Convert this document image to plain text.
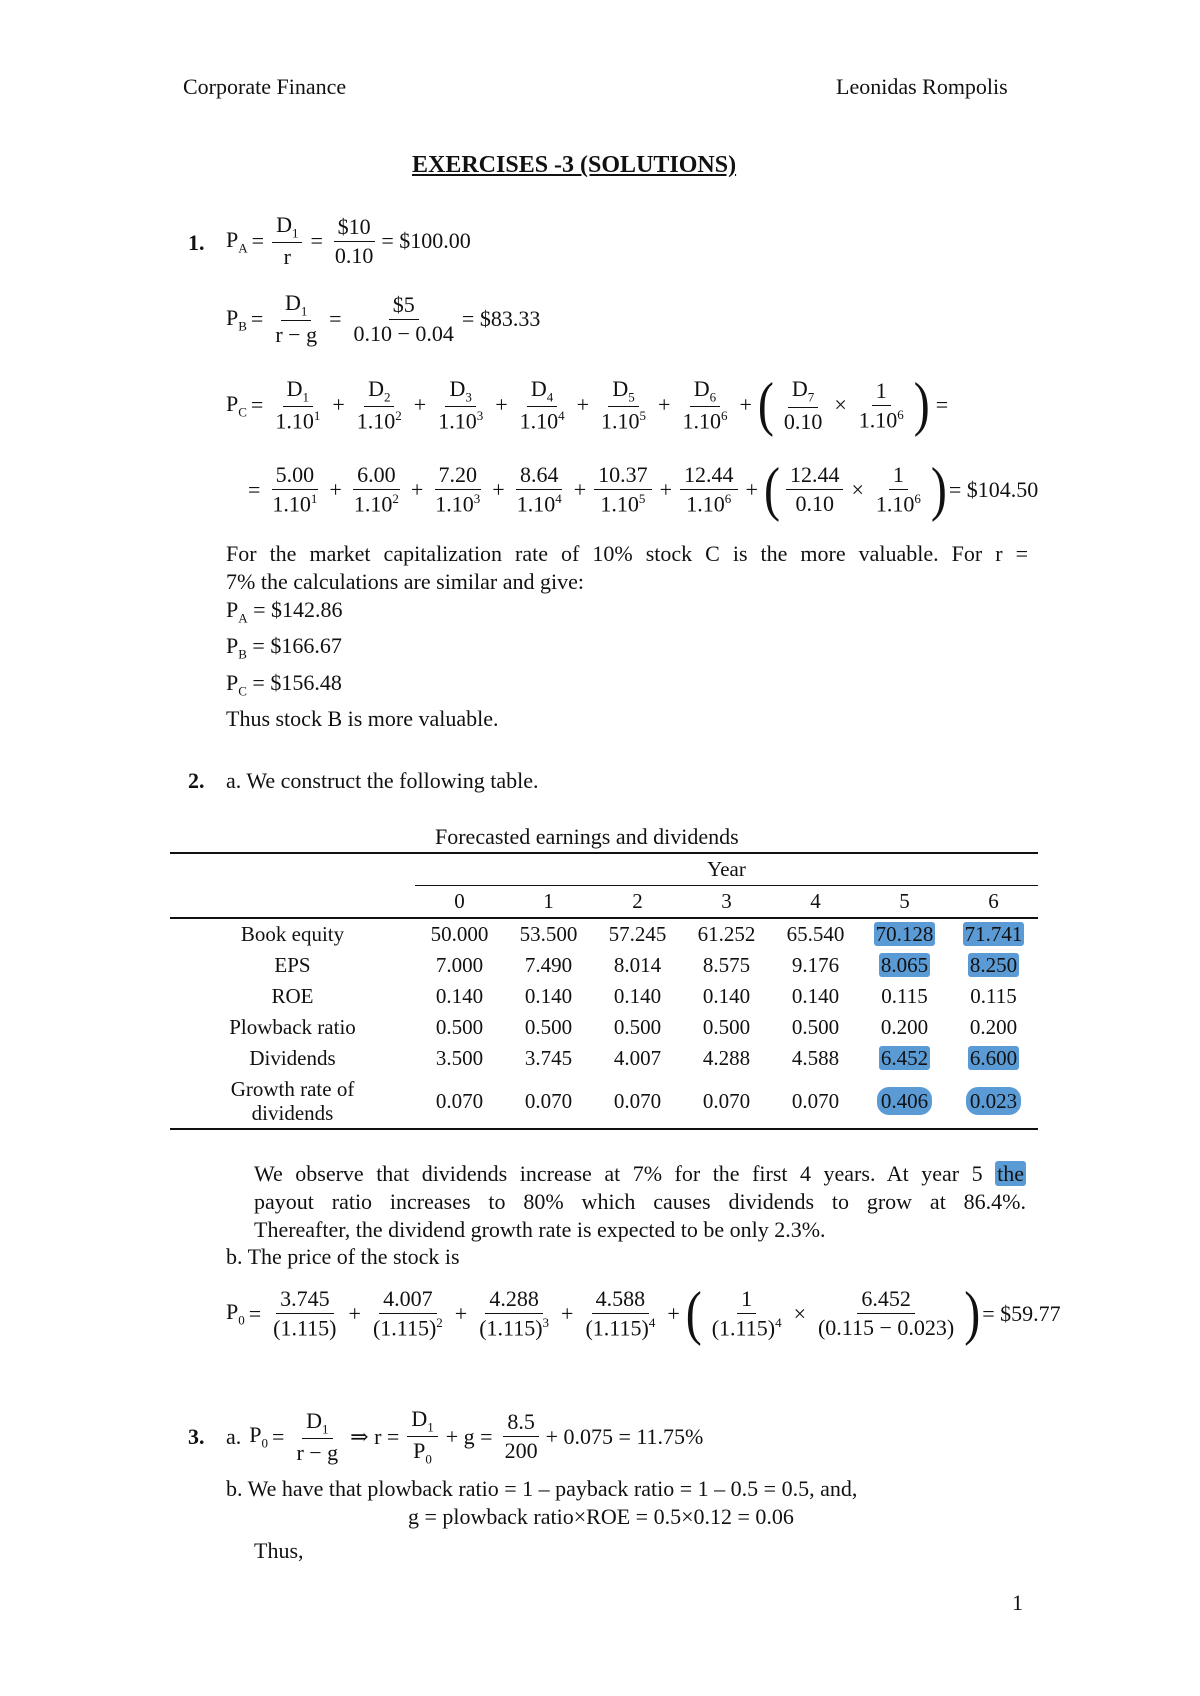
Corporate Finance	Leonidas Rompolis
EXERCISES -3 (SOLUTIONS)
1. $P_A = \frac{D_1}{r} = \frac{\$10}{0.10}$ = $100.00
$P_B = \frac{D_1}{r - g} = \frac{\$5}{0.10 - 0.04}$ = $83.33
$P_C = \frac{D_1}{1.10^1} + \frac{D_2}{1.10^2} + \frac{D_3}{1.10^3} + \frac{D_4}{1.10^4} + \frac{D_5}{1.10^5} + \frac{D_6}{1.10^6}$ + ( $\frac{D_7}{0.10} \times \frac{1}{1.10^6}$ ) =
= $\frac{5.00}{1.10^1} + \frac{6.00}{1.10^2} + \frac{7.20}{1.10^3} + \frac{8.64}{1.10^4} + \frac{10.37}{1.10^5} + \frac{12.44}{1.10^6}$ + ( $\frac{12.44}{0.10} \times \frac{1}{1.10^6}$ ) = $104.50
For the market capitalization rate of 10% stock C is the more valuable. For r =
7% the calculations are similar and give:
$P_A$ = $142.86
$P_B$ = $166.67
$P_C$ = $156.48
Thus stock B is more valuable.
2. a. We construct the following table.
Forecasted earnings and dividends

	Year						
	0	1	2	3	4	5	6
Book equity	50.000	53.500	57.245	61.252	65.540	70.128	71.741
EPS	7.000	7.490	8.014	8.575	9.176	8.065	8.250
ROE	0.140	0.140	0.140	0.140	0.140	0.115	0.115
Plowback ratio	0.500	0.500	0.500	0.500	0.500	0.200	0.200
Dividends	3.500	3.745	4.007	4.288	4.588	6.452	6.600

Growth rate of
dividends	0.070	0.070	0.070	0.070	0.070	0.406	0.023
We observe that dividends increase at 7% for the first 4 years. At year 5 the
payout ratio increases to 80% which causes dividends to grow at 86.4%.
Thereafter, the dividend growth rate is expected to be only 2.3%.
b. The price of the stock is
$P_0 = \frac{3.745}{(1.115)} + \frac{4.007}{(1.115)^2} + \frac{4.288}{(1.115)^3} + \frac{4.588}{(1.115)^4}$ + ( $\frac{1}{(1.115)^4} \times \frac{6.452}{(0.115 - 0.023)}$ ) = $59.77
3. a. $P_0 = \frac{D_1}{r - g}$ ⇒ $r = \frac{D_1}{P_0} + g = \frac{8.5}{200} + 0.075 = 11.75\%$
b. We have that plowback ratio = 1 – payback ratio = 1 – 0.5 = 0.5, and,
g = plowback ratio×ROE = 0.5×0.12 = 0.06
Thus,
1
